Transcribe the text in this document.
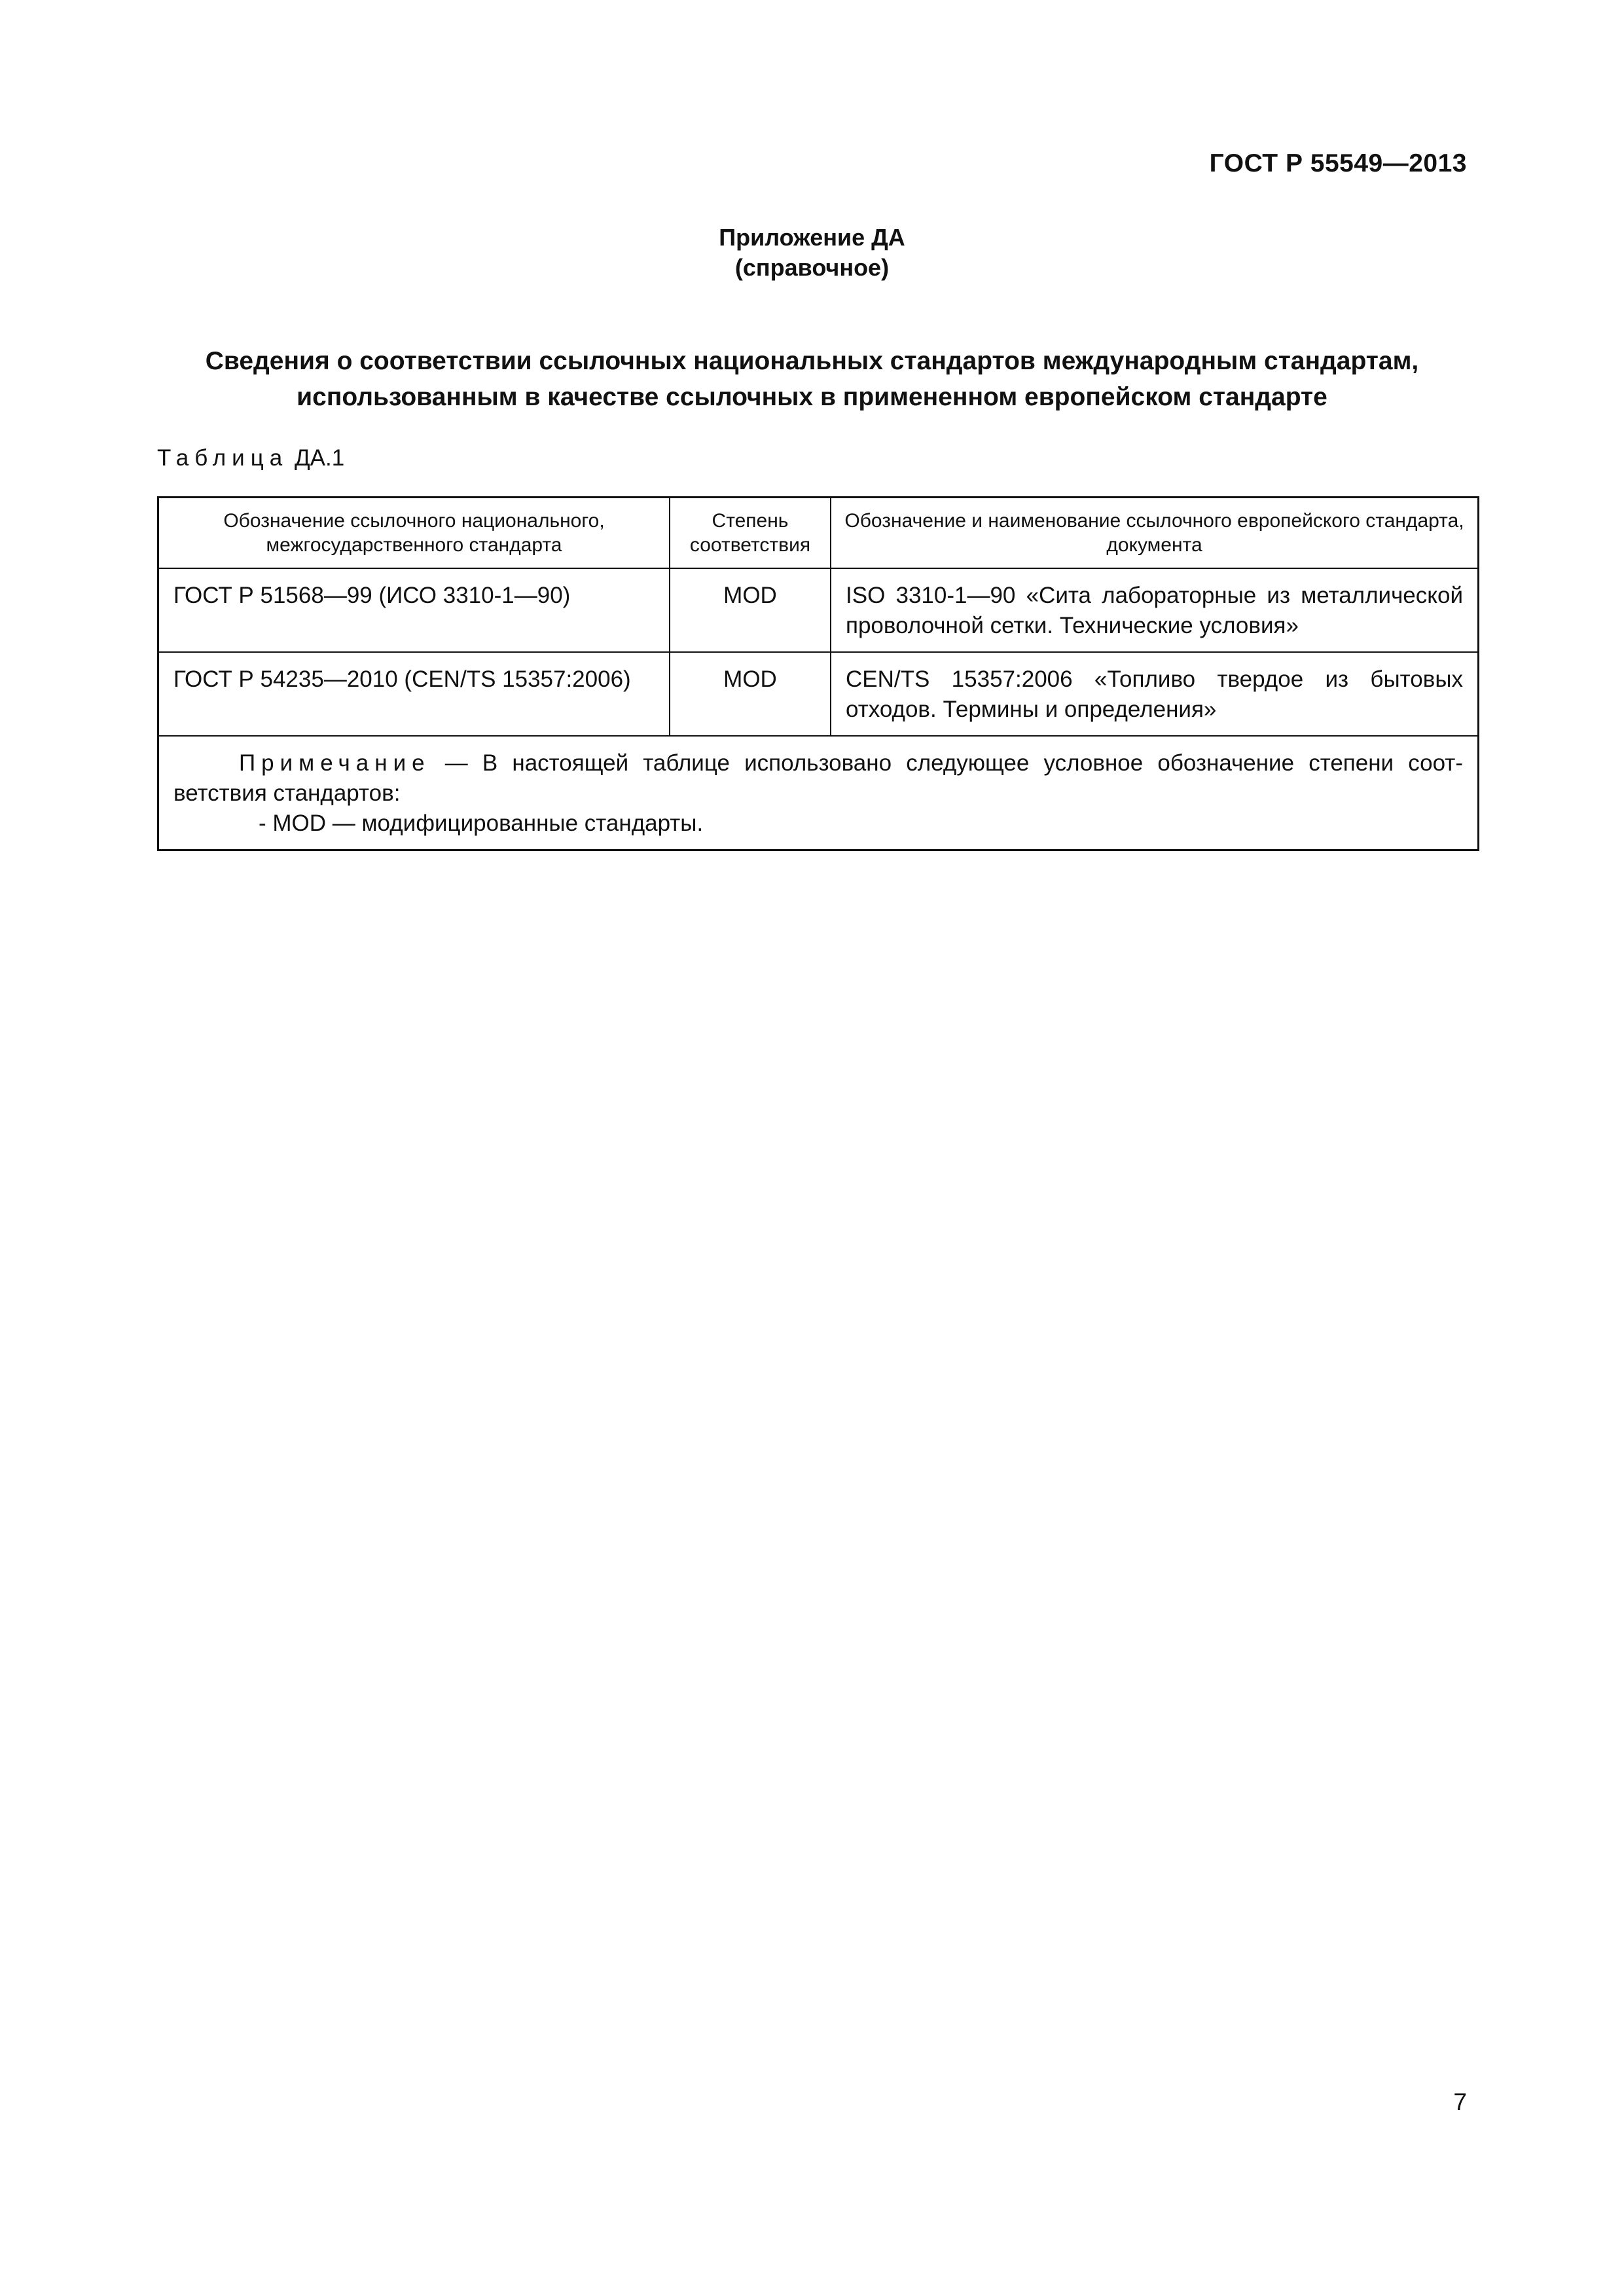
ГОСТ Р 55549—2013
Приложение ДА
(справочное)
Сведения о соответствии ссылочных национальных стандартов международным стандартам,
использованным в качестве ссылочных в примененном европейском стандарте
Таблица ДА.1
Обозначение ссылочного национального, межгосударственного стандарта	Степень соответствия	Обозначение и наименование ссылочного европейского стандарта, документа
ГОСТ Р 51568—99 (ИСО 3310-1—90)	MOD	ISO 3310-1—90 «Сита лабораторные из металлической проволочной сетки. Технические условия»
ГОСТ Р 54235—2010 (CEN/TS 15357:2006)	MOD	CEN/TS 15357:2006 «Топливо твердое из бытовых отходов. Термины и определения»

Примечание — В настоящей таблице использовано следующее условное обозначение степени соответствия стандартов:
- MOD — модифицированные стандарты.		
7
